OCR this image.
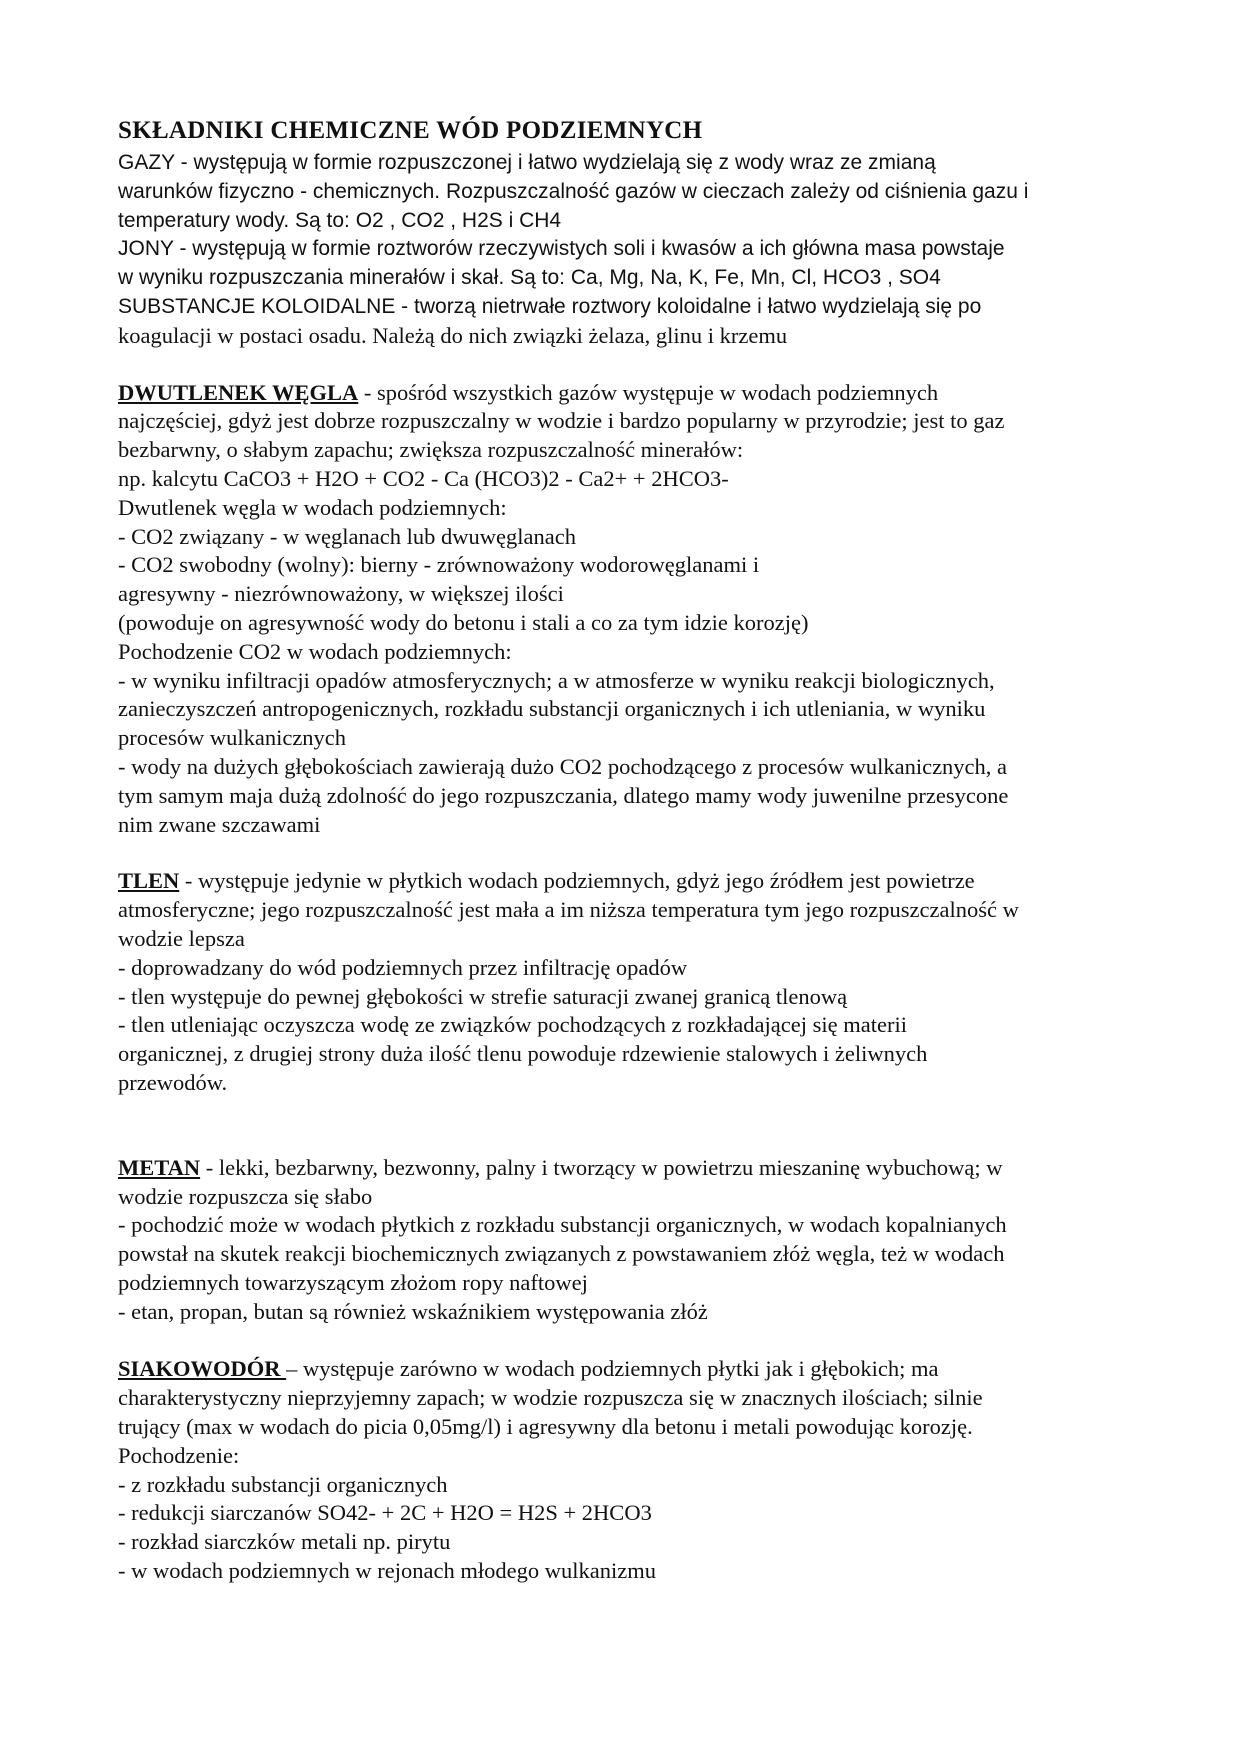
SKŁADNIKI CHEMICZNE WÓD PODZIEMNYCH
GAZY - występują w formie rozpuszczonej i łatwo wydzielają się z wody wraz ze zmianą
warunków fizyczno - chemicznych. Rozpuszczalność gazów w cieczach zależy od ciśnienia gazu i
temperatury wody. Są to: O2 , CO2 , H2S i CH4
JONY - występują w formie roztworów rzeczywistych soli i kwasów a ich główna masa powstaje
w wyniku rozpuszczania minerałów i skał. Są to: Ca, Mg, Na, K, Fe, Mn, Cl, HCO3 , SO4
SUBSTANCJE KOLOIDALNE - tworzą nietrwałe roztwory koloidalne i łatwo wydzielają się po
koagulacji w postaci osadu. Należą do nich związki żelaza, glinu i krzemu
DWUTLENEK WĘGLA - spośród wszystkich gazów występuje w wodach podziemnych
najczęściej, gdyż jest dobrze rozpuszczalny w wodzie i bardzo popularny w przyrodzie; jest to gaz
bezbarwny, o słabym zapachu; zwiększa rozpuszczalność minerałów:
np. kalcytu CaCO3 + H2O + CO2 - Ca (HCO3)2 - Ca2+ + 2HCO3-
Dwutlenek węgla w wodach podziemnych:
- CO2 związany - w węglanach lub dwuwęglanach
- CO2 swobodny (wolny): bierny - zrównoważony wodorowęglanami i
agresywny - niezrównoważony, w większej ilości
(powoduje on agresywność wody do betonu i stali a co za tym idzie korozję)
Pochodzenie CO2 w wodach podziemnych:
- w wyniku infiltracji opadów atmosferycznych; a w atmosferze w wyniku reakcji biologicznych,
zanieczyszczeń antropogenicznych, rozkładu substancji organicznych i ich utleniania, w wyniku
procesów wulkanicznych
- wody na dużych głębokościach zawierają dużo CO2 pochodzącego z procesów wulkanicznych, a
tym samym maja dużą zdolność do jego rozpuszczania, dlatego mamy wody juwenilne przesycone
nim zwane szczawami
TLEN - występuje jedynie w płytkich wodach podziemnych, gdyż jego źródłem jest powietrze
atmosferyczne; jego rozpuszczalność jest mała a im niższa temperatura tym jego rozpuszczalność w
wodzie lepsza
- doprowadzany do wód podziemnych przez infiltrację opadów
- tlen występuje do pewnej głębokości w strefie saturacji zwanej granicą tlenową
- tlen utleniając oczyszcza wodę ze związków pochodzących z rozkładającej się materii
organicznej, z drugiej strony duża ilość tlenu powoduje rdzewienie stalowych i żeliwnych
przewodów.
METAN - lekki, bezbarwny, bezwonny, palny i tworzący w powietrzu mieszaninę wybuchową; w
wodzie rozpuszcza się słabo
- pochodzić może w wodach płytkich z rozkładu substancji organicznych, w wodach kopalnianych
powstał na skutek reakcji biochemicznych związanych z powstawaniem złóż węgla, też w wodach
podziemnych towarzyszącym złożom ropy naftowej
- etan, propan, butan są również wskaźnikiem występowania złóż
SIAKOWODÓR – występuje zarówno w wodach podziemnych płytki jak i głębokich; ma
charakterystyczny nieprzyjemny zapach; w wodzie rozpuszcza się w znacznych ilościach; silnie
trujący (max w wodach do picia 0,05mg/l) i agresywny dla betonu i metali powodując korozję.
Pochodzenie:
- z rozkładu substancji organicznych
- redukcji siarczanów SO42- + 2C + H2O = H2S + 2HCO3
- rozkład siarczków metali np. pirytu
- w wodach podziemnych w rejonach młodego wulkanizmu
